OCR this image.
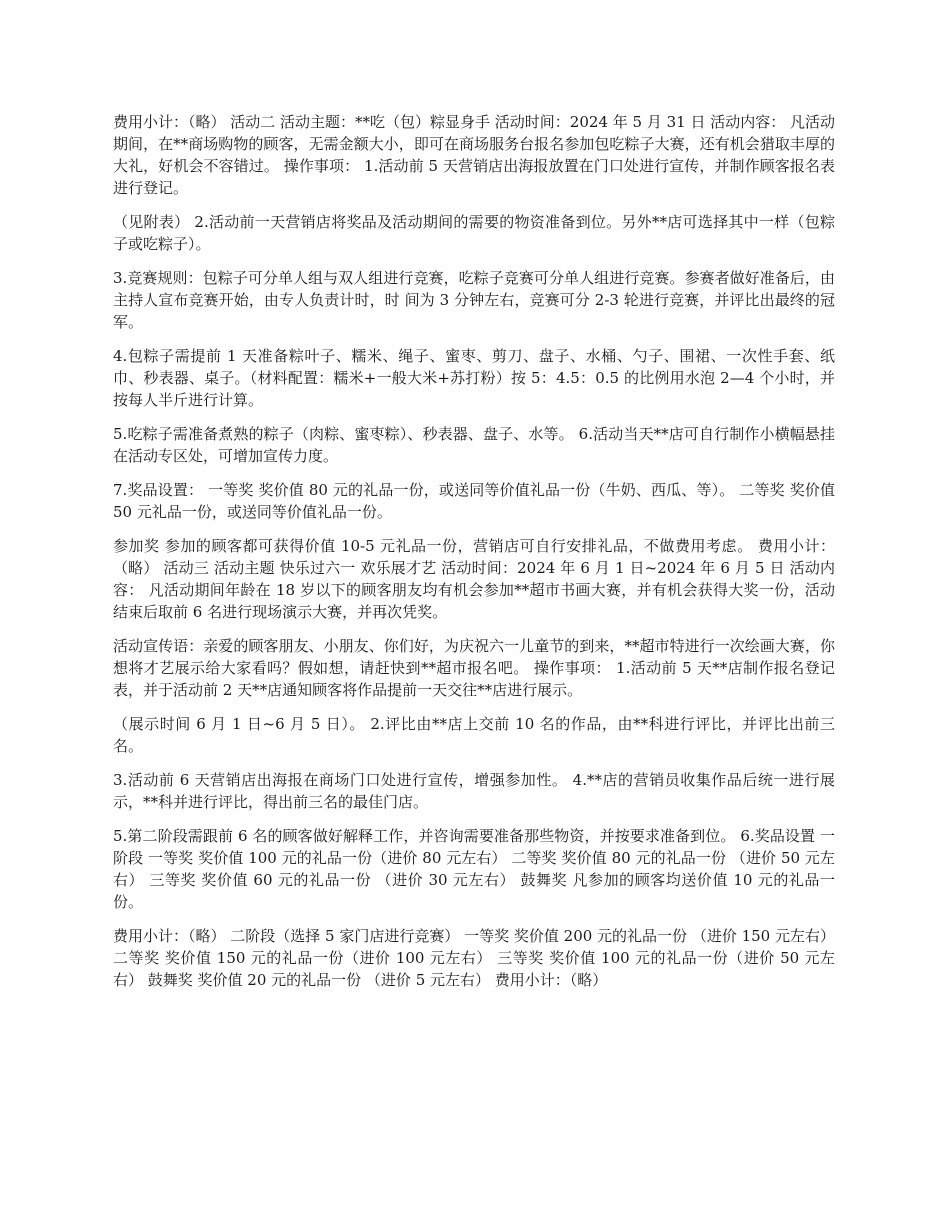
费用小计：（略） 活动二 活动主题：**吃（包）粽显身手 活动时间：2024 年 5 月 31 日 活动内容： 凡活动期间，在**商场购物的顾客，无需金额大小，即可在商场服务台报名参加包吃粽子大赛，还有机会猎取丰厚的大礼，好机会不容错过。 操作事项： 1.活动前 5 天营销店出海报放置在门口处进行宣传，并制作顾客报名表进行登记。

（见附表） 2.活动前一天营销店将奖品及活动期间的需要的物资准备到位。另外**店可选择其中一样（包粽子或吃粽子）。

3.竞赛规则：包粽子可分单人组与双人组进行竞赛，吃粽子竞赛可分单人组进行竞赛。参赛者做好准备后，由主持人宣布竞赛开始，由专人负责计时，时 间为 3 分钟左右，竞赛可分 2-3 轮进行竞赛，并评比出最终的冠军。

4.包粽子需提前 1 天准备粽叶子、糯米、绳子、蜜枣、剪刀、盘子、水桶、勺子、围裙、一次性手套、纸巾、秒表器、桌子。（材料配置：糯米+一般大米+苏打粉）按 5：4.5：0.5 的比例用水泡 2—4 个小时，并按每人半斤进行计算。

5.吃粽子需准备煮熟的粽子（肉粽、蜜枣粽）、秒表器、盘子、水等。 6.活动当天**店可自行制作小横幅悬挂在活动专区处，可增加宣传力度。

7.奖品设置： 一等奖 奖价值 80 元的礼品一份，或送同等价值礼品一份（牛奶、西瓜、等）。 二等奖 奖价值 50 元礼品一份，或送同等价值礼品一份。

参加奖 参加的顾客都可获得价值 10-5 元礼品一份，营销店可自行安排礼品，不做费用考虑。 费用小计：（略） 活动三 活动主题 快乐过六一 欢乐展才艺 活动时间：2024 年 6 月 1 日~2024 年 6 月 5 日 活动内容： 凡活动期间年龄在 18 岁以下的顾客朋友均有机会参加**超市书画大赛，并有机会获得大奖一份，活动结束后取前 6 名进行现场演示大赛，并再次凭奖。

活动宣传语：亲爱的顾客朋友、小朋友、你们好，为庆祝六一儿童节的到来，**超市特进行一次绘画大赛，你想将才艺展示给大家看吗？假如想，请赶快到**超市报名吧。 操作事项： 1.活动前 5 天**店制作报名登记表，并于活动前 2 天**店通知顾客将作品提前一天交往**店进行展示。

（展示时间 6 月 1 日~6 月 5 日）。 2.评比由**店上交前 10 名的作品，由**科进行评比，并评比出前三名。

3.活动前 6 天营销店出海报在商场门口处进行宣传，增强参加性。 4.**店的营销员收集作品后统一进行展示，**科并进行评比，得出前三名的最佳门店。

5.第二阶段需跟前 6 名的顾客做好解释工作，并咨询需要准备那些物资，并按要求准备到位。 6.奖品设置 一阶段 一等奖 奖价值 100 元的礼品一份（进价 80 元左右） 二等奖 奖价值 80 元的礼品一份 （进价 50 元左右） 三等奖 奖价值 60 元的礼品一份 （进价 30 元左右） 鼓舞奖 凡参加的顾客均送价值 10 元的礼品一份。

费用小计：（略） 二阶段（选择 5 家门店进行竞赛） 一等奖 奖价值 200 元的礼品一份 （进价 150 元左右） 二等奖 奖价值 150 元的礼品一份（进价 100 元左右） 三等奖 奖价值 100 元的礼品一份（进价 50 元左右） 鼓舞奖 奖价值 20 元的礼品一份 （进价 5 元左右） 费用小计：（略）
